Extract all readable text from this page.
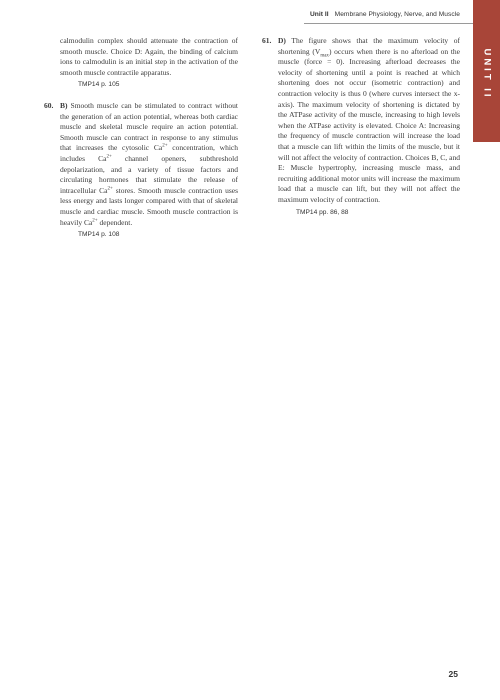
Unit II Membrane Physiology, Nerve, and Muscle
UNIT II
calmodulin complex should attenuate the contraction of smooth muscle. Choice D: Again, the binding of calcium ions to calmodulin is an initial step in the activation of the smooth muscle contractile apparatus.
TMP14 p. 105
60. B) Smooth muscle can be stimulated to contract without the generation of an action potential, whereas both cardiac muscle and skeletal muscle require an action potential. Smooth muscle can contract in response to any stimulus that increases the cytosolic $Ca^{2+}$ concentration, which includes $Ca^{2+}$ channel openers, subthreshold depolarization, and a variety of tissue factors and circulating hormones that stimulate the release of intracellular $Ca^{2+}$ stores. Smooth muscle contraction uses less energy and lasts longer compared with that of skeletal muscle and cardiac muscle. Smooth muscle contraction is heavily $Ca^{2+}$ dependent.
TMP14 p. 108
61. D) The figure shows that the maximum velocity of shortening $(V_{max})$ occurs when there is no afterload on the muscle (force = 0). Increasing afterload decreases the velocity of shortening until a point is reached at which shortening does not occur (isometric contraction) and contraction velocity is thus 0 (where curves intersect the x-axis). The maximum velocity of shortening is dictated by the ATPase activity of the muscle, increasing to high levels when the ATPase activity is elevated. Choice A: Increasing the frequency of muscle contraction will increase the load that a muscle can lift within the limits of the muscle, but it will not affect the velocity of contraction. Choices B, C, and E: Muscle hypertrophy, increasing muscle mass, and recruiting additional motor units will increase the maximum load that a muscle can lift, but they will not affect the maximum velocity of contraction.
TMP14 pp. 86, 88
25
